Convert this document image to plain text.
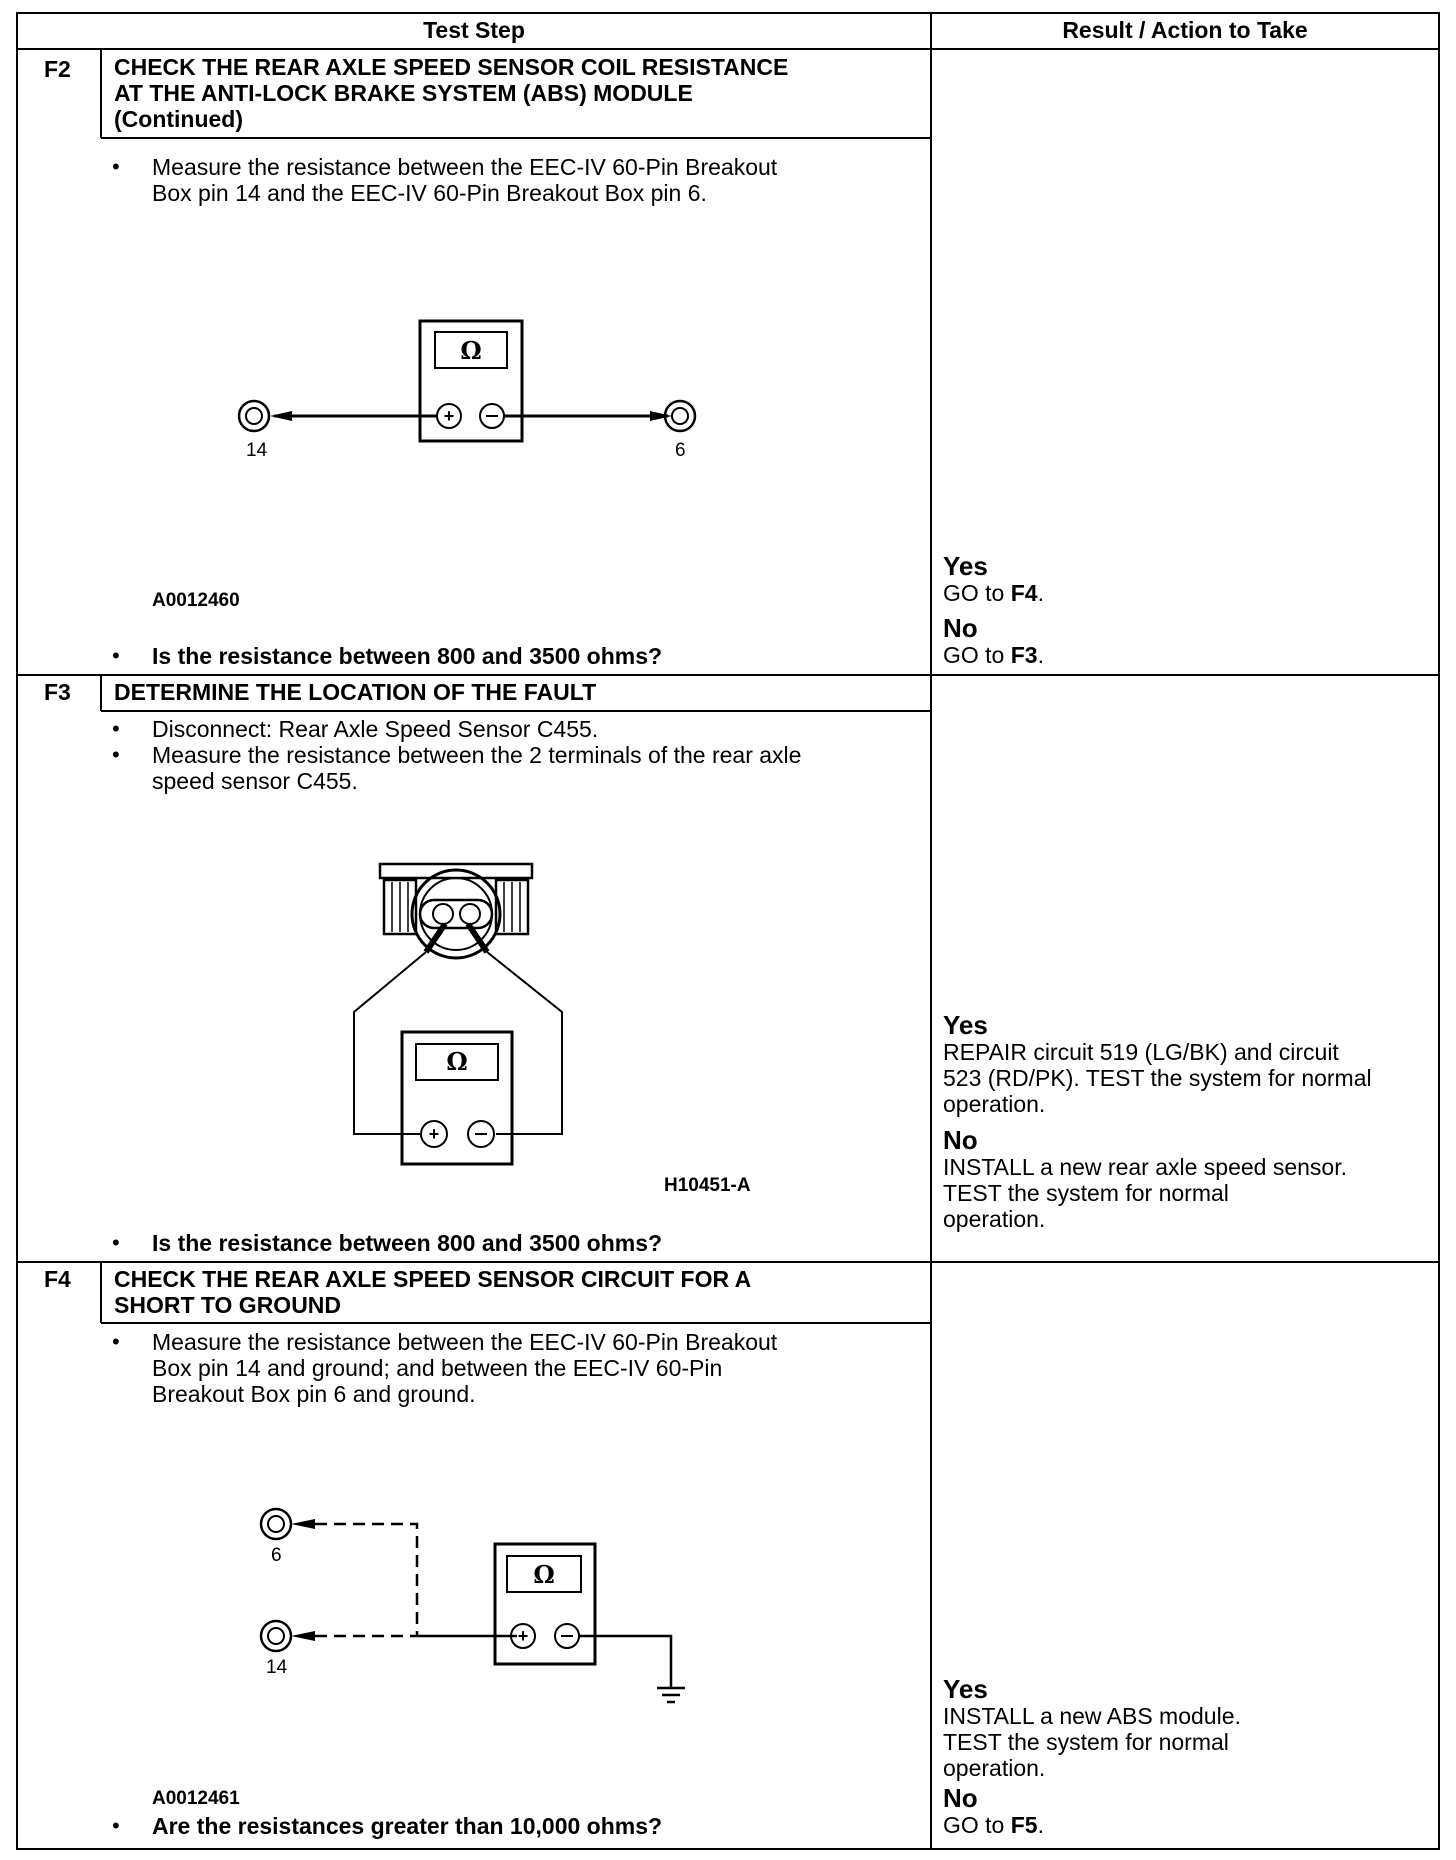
Test Step	Result / Action to Take
F2 CHECK THE REAR AXLE SPEED SENSOR COIL RESISTANCE
AT THE ANTI-LOCK BRAKE SYSTEM (ABS) MODULE
(Continued)
• Measure the resistance between the EEC-IV 60-Pin Breakout
Box pin 14 and the EEC-IV 60-Pin Breakout Box pin 6.
Ω
+
14	6
A0012460
• Is the resistance between 800 and 3500 ohms?
Yes
GO to F4.
No
GO to F3.
F3 DETERMINE THE LOCATION OF THE FAULT
• Disconnect: Rear Axle Speed Sensor C455.
• Measure the resistance between the 2 terminals of the rear axle
speed sensor C455.
Ω
+
H10451-A
• Is the resistance between 800 and 3500 ohms?
Yes
REPAIR circuit 519 (LG/BK) and circuit
523 (RD/PK). TEST the system for normal
operation.
No
INSTALL a new rear axle speed sensor.
TEST the system for normal
operation.
F4 CHECK THE REAR AXLE SPEED SENSOR CIRCUIT FOR A
SHORT TO GROUND
• Measure the resistance between the EEC-IV 60-Pin Breakout
Box pin 14 and ground; and between the EEC-IV 60-Pin
Breakout Box pin 6 and ground.
Ω
+
6
14
A0012461
• Are the resistances greater than 10,000 ohms?
Yes
INSTALL a new ABS module.
TEST the system for normal
operation.
No
GO to F5.
